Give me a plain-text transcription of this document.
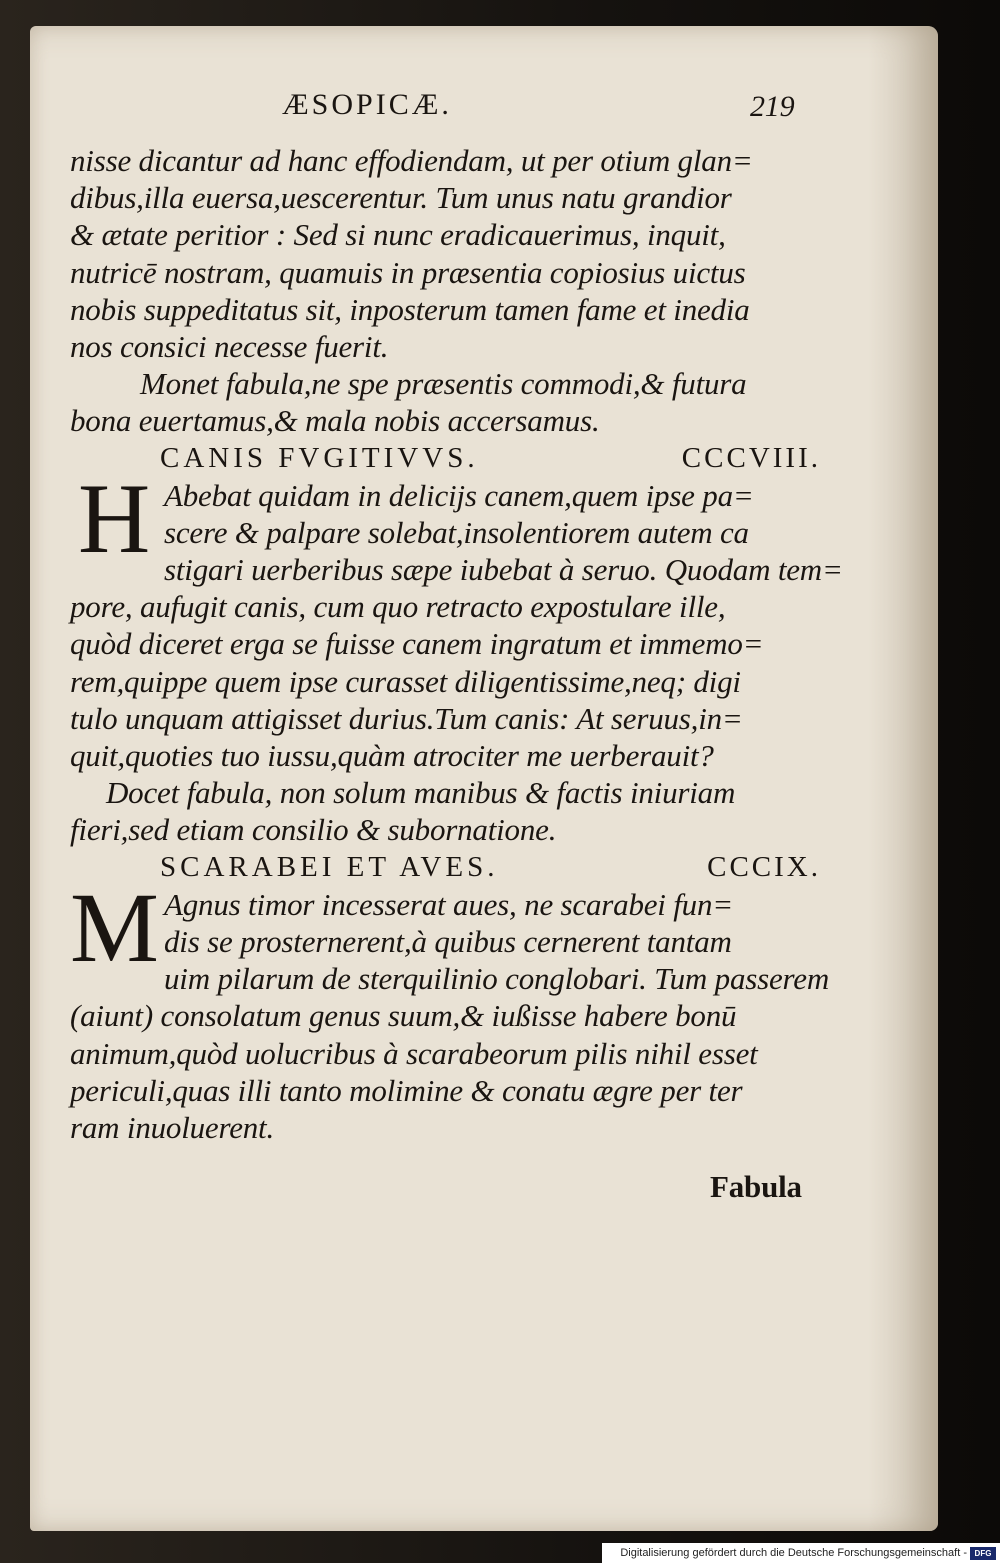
ÆSOPICÆ.	219
nisse dicantur ad hanc effodiendam, ut per otium glan=
dibus,illa euersa,uescerentur. Tum unus natu grandior
& ætate peritior : Sed si nunc eradicauerimus, inquit,
nutricē nostram, quamuis in præsentia copiosius uictus
nobis suppeditatus sit, inposterum tamen fame et inedia
nos consici necesse fuerit.
Monet fabula,ne spe præsentis commodi,& futura
bona euertamus,& mala nobis accersamus.
CANIS FVGITIVVS.	CCCVIII.
H Abebat quidam in delicijs canem,quem ipse pa=
scere & palpare solebat,insolentiorem autem ca
stigari uerberibus sæpe iubebat à seruo. Quodam tem=
pore, aufugit canis, cum quo retracto expostulare ille,
quòd diceret erga se fuisse canem ingratum et immemo=
rem,quippe quem ipse curasset diligentissime,neq; digi
tulo unquam attigisset durius.Tum canis: At seruus,in=
quit,quoties tuo iussu,quàm atrociter me uerberauit?
Docet fabula, non solum manibus & factis iniuriam
fieri,sed etiam consilio & subornatione.
SCARABEI ET AVES.	CCCIX.
M Agnus timor incesserat aues, ne scarabei fun=
dis se prosternerent,à quibus cernerent tantam
uim pilarum de sterquilinio conglobari. Tum passerem
(aiunt) consolatum genus suum,& iußisse habere bonū
animum,quòd uolucribus à scarabeorum pilis nihil esset
periculi,quas illi tanto molimine & conatu ægre per ter
ram inuoluerent.
Fabula
Digitalisierung gefördert durch die Deutsche Forschungsgemeinschaft - DFG
